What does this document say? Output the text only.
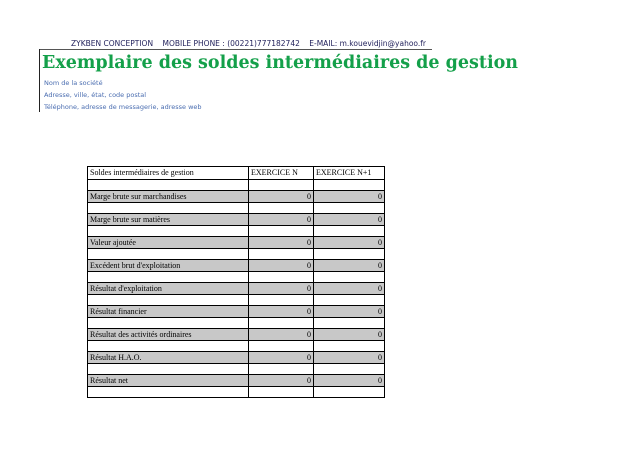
ZYKBEN CONCEPTION MOBILE PHONE : (00221)777182742 E-MAIL: m.kouevidjin@yahoo.fr
Exemplaire des soldes intermédiaires de gestion
Nom de la société
Adresse, ville, état, code postal
Téléphone, adresse de messagerie, adresse web
Soldes intermédiaires de gestion	EXERCICE N	EXERCICE N+1

Marge brute sur marchandises	0	0

Marge brute sur matières	0	0

Valeur ajoutée	0	0

Excédent brut d'exploitation	0	0

Résultat d'exploitation	0	0

Résultat financier	0	0

Résultat des activités ordinaires	0	0

Résultat H.A.O.	0	0

Résultat net	0	0
